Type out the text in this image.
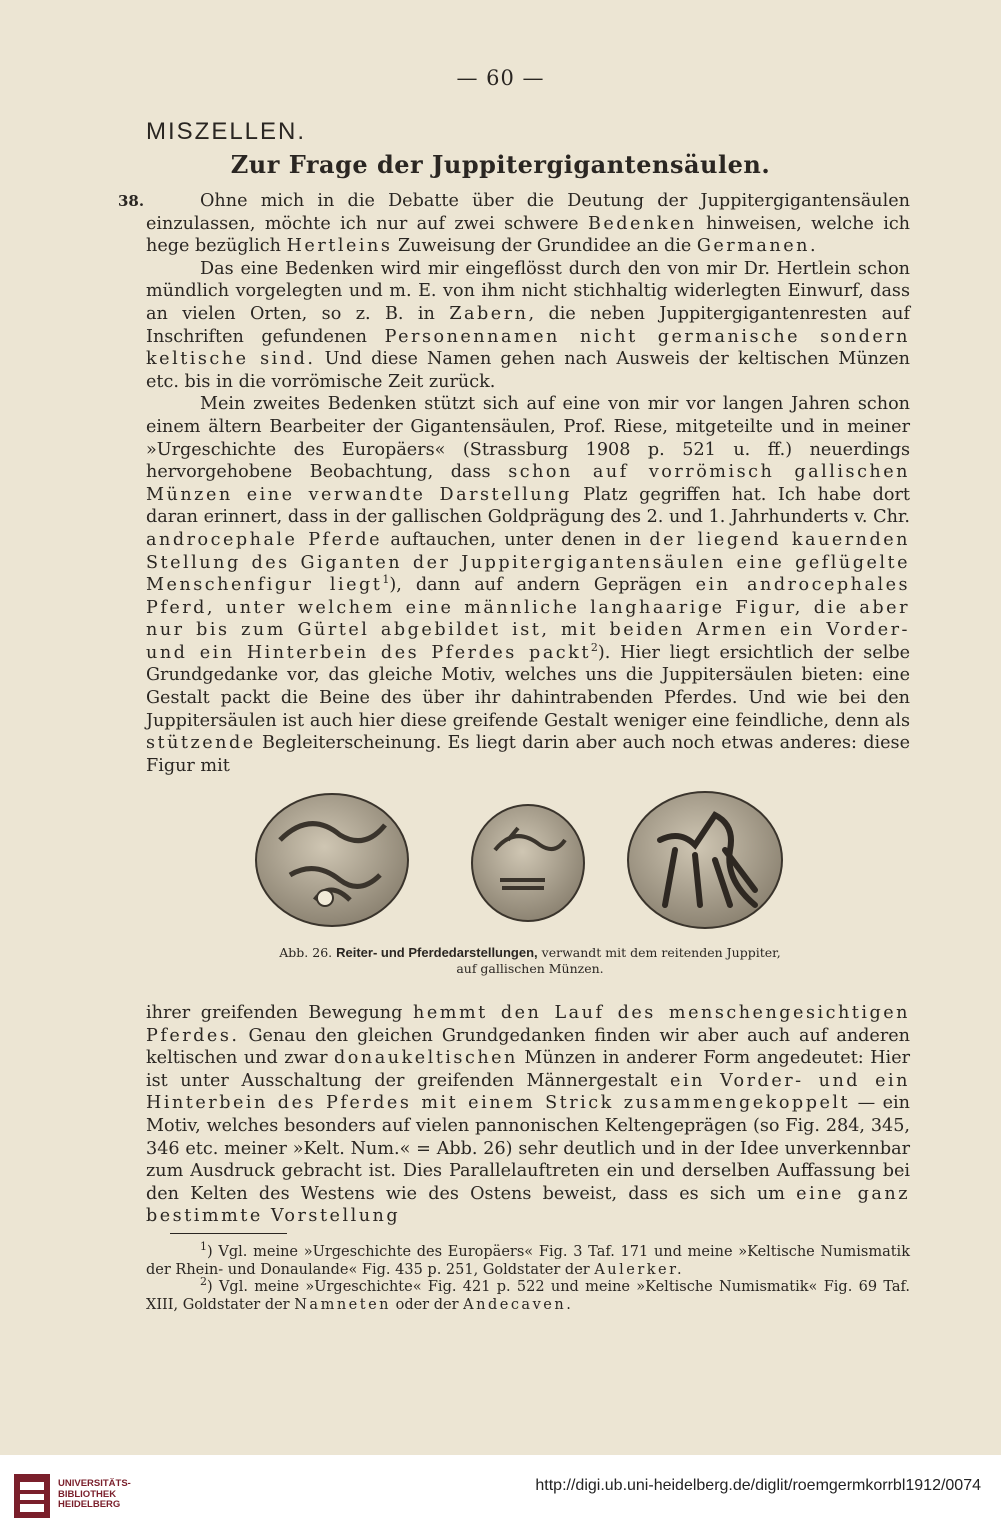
— 60 —
MISZELLEN.
Zur Frage der Juppitergigantensäulen.
38.	Ohne mich in die Debatte über die Deutung der Juppitergigantensäulen einzulassen, möchte ich nur auf zwei schwere Bedenken hinweisen, welche ich hege bezüglich Hertleins Zuweisung der Grundidee an die Germanen.

Das eine Bedenken wird mir eingeflösst durch den von mir Dr. Hertlein schon mündlich vorgelegten und m. E. von ihm nicht stichhaltig widerlegten Einwurf, dass an vielen Orten, so z. B. in Zabern, die neben Juppitergigantenresten auf Inschriften gefundenen Personennamen nicht germanische sondern keltische sind. Und diese Namen gehen nach Ausweis der keltischen Münzen etc. bis in die vorrömische Zeit zurück.

Mein zweites Bedenken stützt sich auf eine von mir vor langen Jahren schon einem ältern Bearbeiter der Gigantensäulen, Prof. Riese, mitgeteilte und in meiner »Urgeschichte des Europäers« (Strassburg 1908 p. 521 u. ff.) neuerdings hervorgehobene Beobachtung, dass schon auf vorrömisch gallischen Münzen eine verwandte Darstellung Platz gegriffen hat. Ich habe dort daran erinnert, dass in der gallischen Goldprägung des 2. und 1. Jahrhunderts v. Chr. androcephale Pferde auftauchen, unter denen in der liegend kauernden Stellung des Giganten der Juppitergigantensäulen eine geflügelte Menschenfigur liegt$^1$), dann auf andern Geprägen ein androcephales Pferd, unter welchem eine männliche langhaarige Figur, die aber nur bis zum Gürtel abgebildet ist, mit beiden Armen ein Vorder- und ein Hinterbein des Pferdes packt$^2$). Hier liegt ersichtlich der selbe Grundgedanke vor, das gleiche Motiv, welches uns die Juppitersäulen bieten: eine Gestalt packt die Beine des über ihr dahintrabenden Pferdes. Und wie bei den Juppitersäulen ist auch hier diese greifende Gestalt weniger eine feindliche, denn als stützende Begleiterscheinung. Es liegt darin aber auch noch etwas anderes: diese Figur mit

Abb. 26. Reiter- und Pferdedarstellungen, verwandt mit dem reitenden Juppiter,
auf gallischen Münzen.

ihrer greifenden Bewegung hemmt den Lauf des menschengesichtigen Pferdes. Genau den gleichen Grundgedanken finden wir aber auch auf anderen keltischen und zwar donaukeltischen Münzen in anderer Form angedeutet: Hier ist unter Ausschaltung der greifenden Männergestalt ein Vorder- und ein Hinterbein des Pferdes mit einem Strick zusammengekoppelt — ein Motiv, welches besonders auf vielen pannonischen Keltengeprägen (so Fig. 284, 345, 346 etc. meiner »Kelt. Num.« = Abb. 26) sehr deutlich und in der Idee unverkennbar zum Ausdruck gebracht ist. Dies Parallelauftreten ein und derselben Auffassung bei den Kelten des Westens wie des Ostens beweist, dass es sich um eine ganz bestimmte Vorstellung

$^1$) Vgl. meine »Urgeschichte des Europäers« Fig. 3 Taf. 171 und meine »Keltische Numismatik der Rhein- und Donaulande« Fig. 435 p. 251, Goldstater der Aulerker.

$^2$) Vgl. meine »Urgeschichte« Fig. 421 p. 522 und meine »Keltische Numismatik« Fig. 69 Taf. XIII, Goldstater der Namneten oder der Andecaven.

UNIVERSITÄTS-
BIBLIOTHEK
HEIDELBERG
http://digi.ub.uni-heidelberg.de/diglit/roemgermkorrbl1912/0074
